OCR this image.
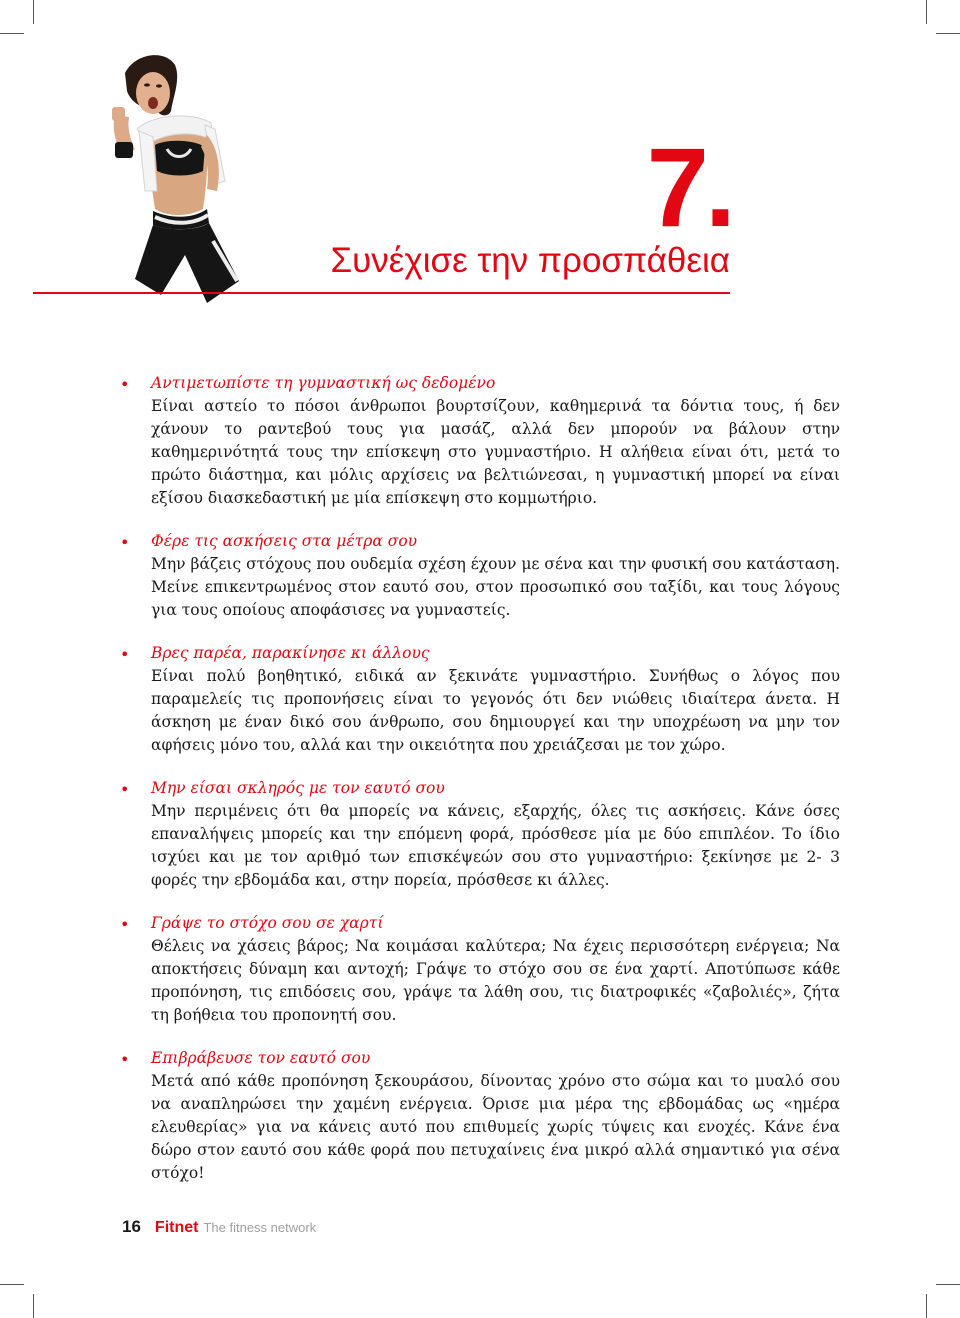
7.
Συνέχισε την προσπάθεια
• Αντιμετωπίστε τη γυμναστική ως δεδομένο

Είναι αστείο το πόσοι άνθρωποι βουρτσίζουν, καθημερινά τα δόντια τους, ή δεν χάνουν το ραντεβού τους για μασάζ, αλλά δεν μπορούν να βάλουν στην καθημερινότητά τους την επίσκεψη στο γυμναστήριο. Η αλήθεια είναι ότι, μετά το πρώτο διάστημα, και μόλις αρχίσεις να βελτιώνεσαι, η γυμναστική μπορεί να είναι εξίσου διασκεδαστική με μία επίσκεψη στο κομμωτήριο.

• Φέρε τις ασκήσεις στα μέτρα σου

Μην βάζεις στόχους που ουδεμία σχέση έχουν με σένα και την φυσική σου κατάσταση. Μείνε επικεντρωμένος στον εαυτό σου, στον προσωπικό σου ταξίδι, και τους λόγους για τους οποίους αποφάσισες να γυμναστείς.

• Βρες παρέα, παρακίνησε κι άλλους

Είναι πολύ βοηθητικό, ειδικά αν ξεκινάτε γυμναστήριο. Συνήθως ο λόγος που παραμελείς τις προπονήσεις είναι το γεγονός ότι δεν νιώθεις ιδιαίτερα άνετα. Η άσκηση με έναν δικό σου άνθρωπο, σου δημιουργεί και την υποχρέωση να μην τον αφήσεις μόνο του, αλλά και την οικειότητα που χρειάζεσαι με τον χώρο.

• Μην είσαι σκληρός με τον εαυτό σου

Μην περιμένεις ότι θα μπορείς να κάνεις, εξαρχής, όλες τις ασκήσεις. Κάνε όσες επαναλήψεις μπορείς και την επόμενη φορά, πρόσθεσε μία με δύο επιπλέον. Το ίδιο ισχύει και με τον αριθμό των επισκέψεών σου στο γυμναστήριο: ξεκίνησε με 2- 3 φορές την εβδομάδα και, στην πορεία, πρόσθεσε κι άλλες.

• Γράψε το στόχο σου σε χαρτί

Θέλεις να χάσεις βάρος; Να κοιμάσαι καλύτερα; Να έχεις περισσότερη ενέργεια; Να αποκτήσεις δύναμη και αντοχή; Γράψε το στόχο σου σε ένα χαρτί. Αποτύπωσε κάθε προπόνηση, τις επιδόσεις σου, γράψε τα λάθη σου, τις διατροφικές «ζαβολιές», ζήτα τη βοήθεια του προπονητή σου.

• Επιβράβευσε τον εαυτό σου

Μετά από κάθε προπόνηση ξεκουράσου, δίνοντας χρόνο στο σώμα και το μυαλό σου να αναπληρώσει την χαμένη ενέργεια. Όρισε μια μέρα της εβδομάδας ως «ημέρα ελευθερίας» για να κάνεις αυτό που επιθυμείς χωρίς τύψεις και ενοχές. Κάνε ένα δώρο στον εαυτό σου κάθε φορά που πετυχαίνεις ένα μικρό αλλά σημαντικό για σένα στόχο!

16 Fitnet The fitness network
